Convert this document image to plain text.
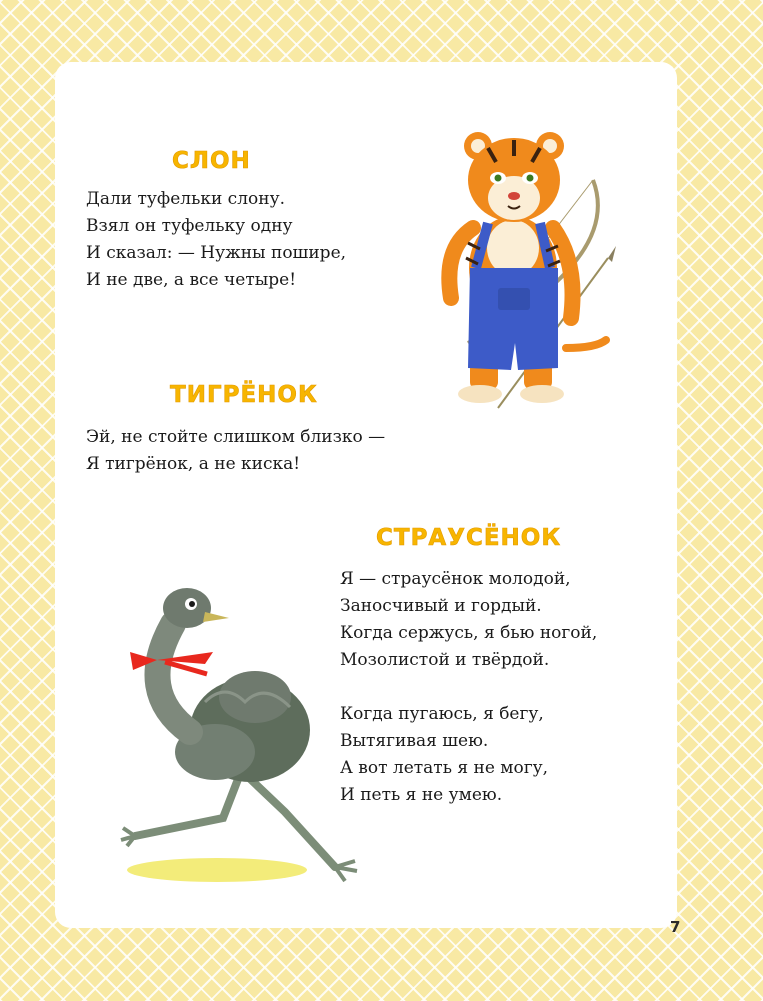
СЛОН
Дали туфельки слону.
Взял он туфельку одну
И сказал: — Нужны пошире,
И не две, а все четыре!
ТИГРЁНОК
Эй, не стойте слишком близко —
Я тигрёнок, а не киска!
СТРАУСЁНОК
Я — страусёнок молодой,
Заносчивый и гордый.
Когда сержусь, я бью ногой,
Мозолистой и твёрдой.
Когда пугаюсь, я бегу,
Вытягивая шею.
А вот летать я не могу,
И петь я не умею.
7
